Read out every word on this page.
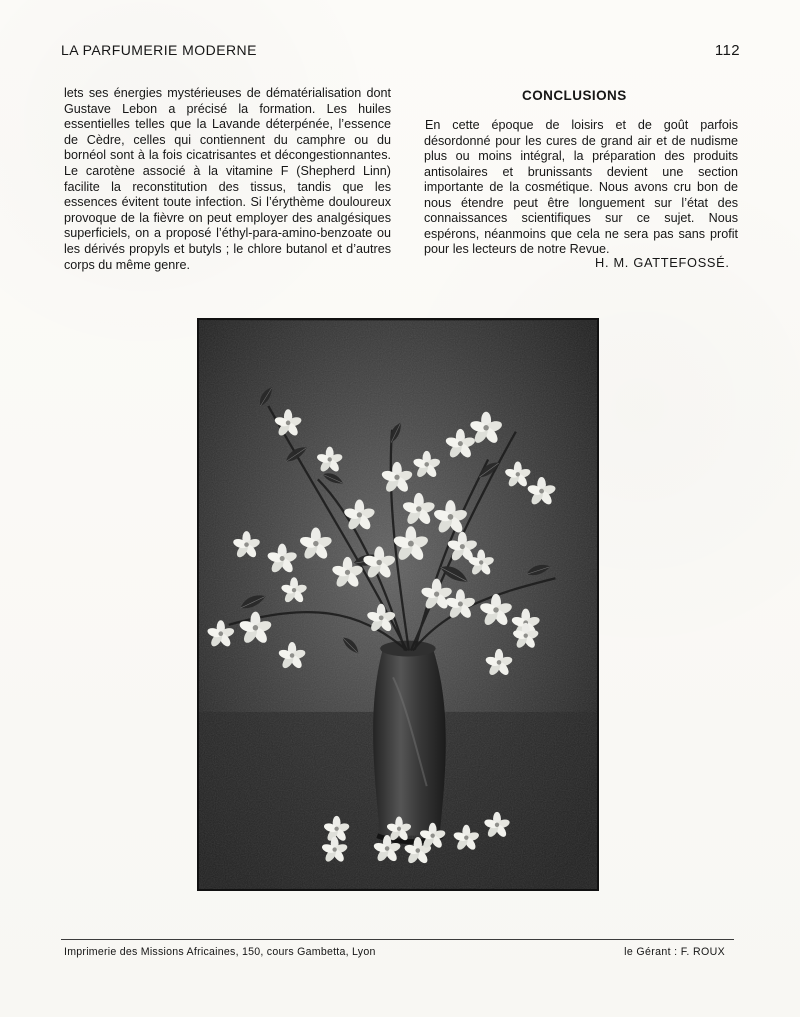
LA PARFUMERIE MODERNE	112

lets ses énergies mystérieuses de dématérialisation dont Gustave Lebon a précisé la formation. Les huiles essentielles telles que la Lavande déterpénée, l’essence de Cèdre, celles qui contiennent du camphre ou du bornéol sont à la fois cicatrisantes et décongestionnantes. Le carotène associé à la vitamine F (Shepherd Linn) facilite la reconstitution des tissus, tandis que les essences évitent toute infection. Si l’érythème douloureux provoque de la fièvre on peut employer des analgésiques superficiels, on a proposé l’éthyl-para-amino-benzoate ou les dérivés propyls et butyls ; le chlore butanol et d’autres corps du même genre.

CONCLUSIONS

En cette époque de loisirs et de goût parfois désordonné pour les cures de grand air et de nudisme plus ou moins intégral, la préparation des produits antisolaires et brunissants devient une section importante de la cosmétique. Nous avons cru bon de nous étendre peut être longuement sur l’état des connaissances scientifiques sur ce sujet. Nous espérons, néanmoins que cela ne sera pas sans profit pour les lecteurs de notre Revue.

H. M. GATTEFOSSÉ.
Imprimerie des Missions Africaines, 150, cours Gambetta, Lyon	le Gérant : F. ROUX
